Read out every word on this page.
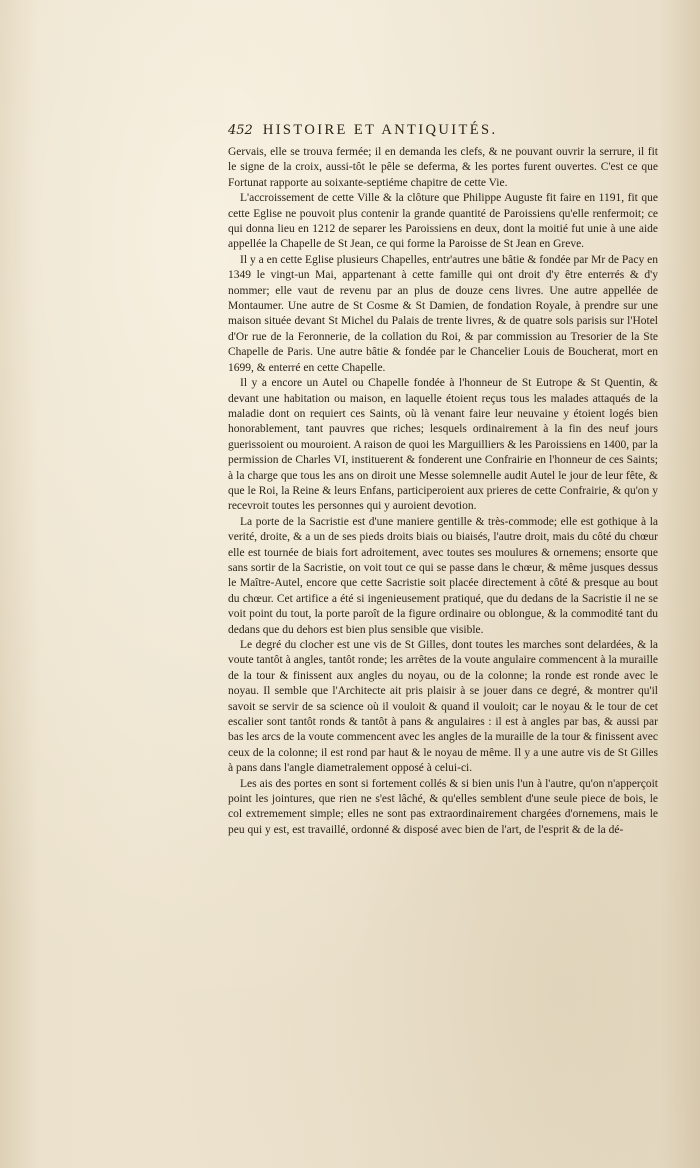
452 HISTOIRE ET ANTIQUITÉS.

Gervais, elle se trouva fermée; il en demanda les clefs, & ne pouvant ouvrir la serrure, il fit le signe de la croix, aussi-tôt le pêle se deferma, & les portes furent ouvertes. C'est ce que Fortunat rapporte au soixante-septiéme chapitre de cette Vie.

L'accroissement de cette Ville & la clôture que Philippe Auguste fit faire en 1191, fit que cette Eglise ne pouvoit plus contenir la grande quantité de Paroissiens qu'elle renfermoit; ce qui donna lieu en 1212 de separer les Paroissiens en deux, dont la moitié fut unie à une aide appellée la Chapelle de St Jean, ce qui forme la Paroisse de St Jean en Greve.

Il y a en cette Eglise plusieurs Chapelles, entr'autres une bâtie & fondée par Mr de Pacy en 1349 le vingt-un Mai, appartenant à cette famille qui ont droit d'y être enterrés & d'y nommer; elle vaut de revenu par an plus de douze cens livres. Une autre appellée de Montaumer. Une autre de St Cosme & St Damien, de fondation Royale, à prendre sur une maison située devant St Michel du Palais de trente livres, & de quatre sols parisis sur l'Hotel d'Or rue de la Feronnerie, de la collation du Roi, & par commission au Tresorier de la Ste Chapelle de Paris. Une autre bâtie & fondée par le Chancelier Louis de Boucherat, mort en 1699, & enterré en cette Chapelle.

Il y a encore un Autel ou Chapelle fondée à l'honneur de St Eutrope & St Quentin, & devant une habitation ou maison, en laquelle étoient reçus tous les malades attaqués de la maladie dont on requiert ces Saints, où là venant faire leur neuvaine y étoient logés bien honorablement, tant pauvres que riches; lesquels ordinairement à la fin des neuf jours guerissoient ou mouroient. A raison de quoi les Marguilliers & les Paroissiens en 1400, par la permission de Charles VI, instituerent & fonderent une Confrairie en l'honneur de ces Saints; à la charge que tous les ans on diroit une Messe solemnelle audit Autel le jour de leur fête, & que le Roi, la Reine & leurs Enfans, participeroient aux prieres de cette Confrairie, & qu'on y recevroit toutes les personnes qui y auroient devotion.

La porte de la Sacristie est d'une maniere gentille & très-commode; elle est gothique à la verité, droite, & a un de ses pieds droits biais ou biaisés, l'autre droit, mais du côté du chœur elle est tournée de biais fort adroitement, avec toutes ses moulures & ornemens; ensorte que sans sortir de la Sacristie, on voit tout ce qui se passe dans le chœur, & même jusques dessus le Maître-Autel, encore que cette Sacristie soit placée directement à côté & presque au bout du chœur. Cet artifice a été si ingenieusement pratiqué, que du dedans de la Sacristie il ne se voit point du tout, la porte paroît de la figure ordinaire ou oblongue, & la commodité tant du dedans que du dehors est bien plus sensible que visible.

Le degré du clocher est une vis de St Gilles, dont toutes les marches sont delardées, & la voute tantôt à angles, tantôt ronde; les arrêtes de la voute angulaire commencent à la muraille de la tour & finissent aux angles du noyau, ou de la colonne; la ronde est ronde avec le noyau. Il semble que l'Architecte ait pris plaisir à se jouer dans ce degré, & montrer qu'il savoit se servir de sa science où il vouloit & quand il vouloit; car le noyau & le tour de cet escalier sont tantôt ronds & tantôt à pans & angulaires : il est à angles par bas, & aussi par bas les arcs de la voute commencent avec les angles de la muraille de la tour & finissent avec ceux de la colonne; il est rond par haut & le noyau de même. Il y a une autre vis de St Gilles à pans dans l'angle diametralement opposé à celui-ci.

Les ais des portes en sont si fortement collés & si bien unis l'un à l'autre, qu'on n'apperçoit point les jointures, que rien ne s'est lâché, & qu'elles semblent d'une seule piece de bois, le col extremement simple; elles ne sont pas extraordinairement chargées d'ornemens, mais le peu qui y est, est travaillé, ordonné & disposé avec bien de l'art, de l'esprit & de la dé-
